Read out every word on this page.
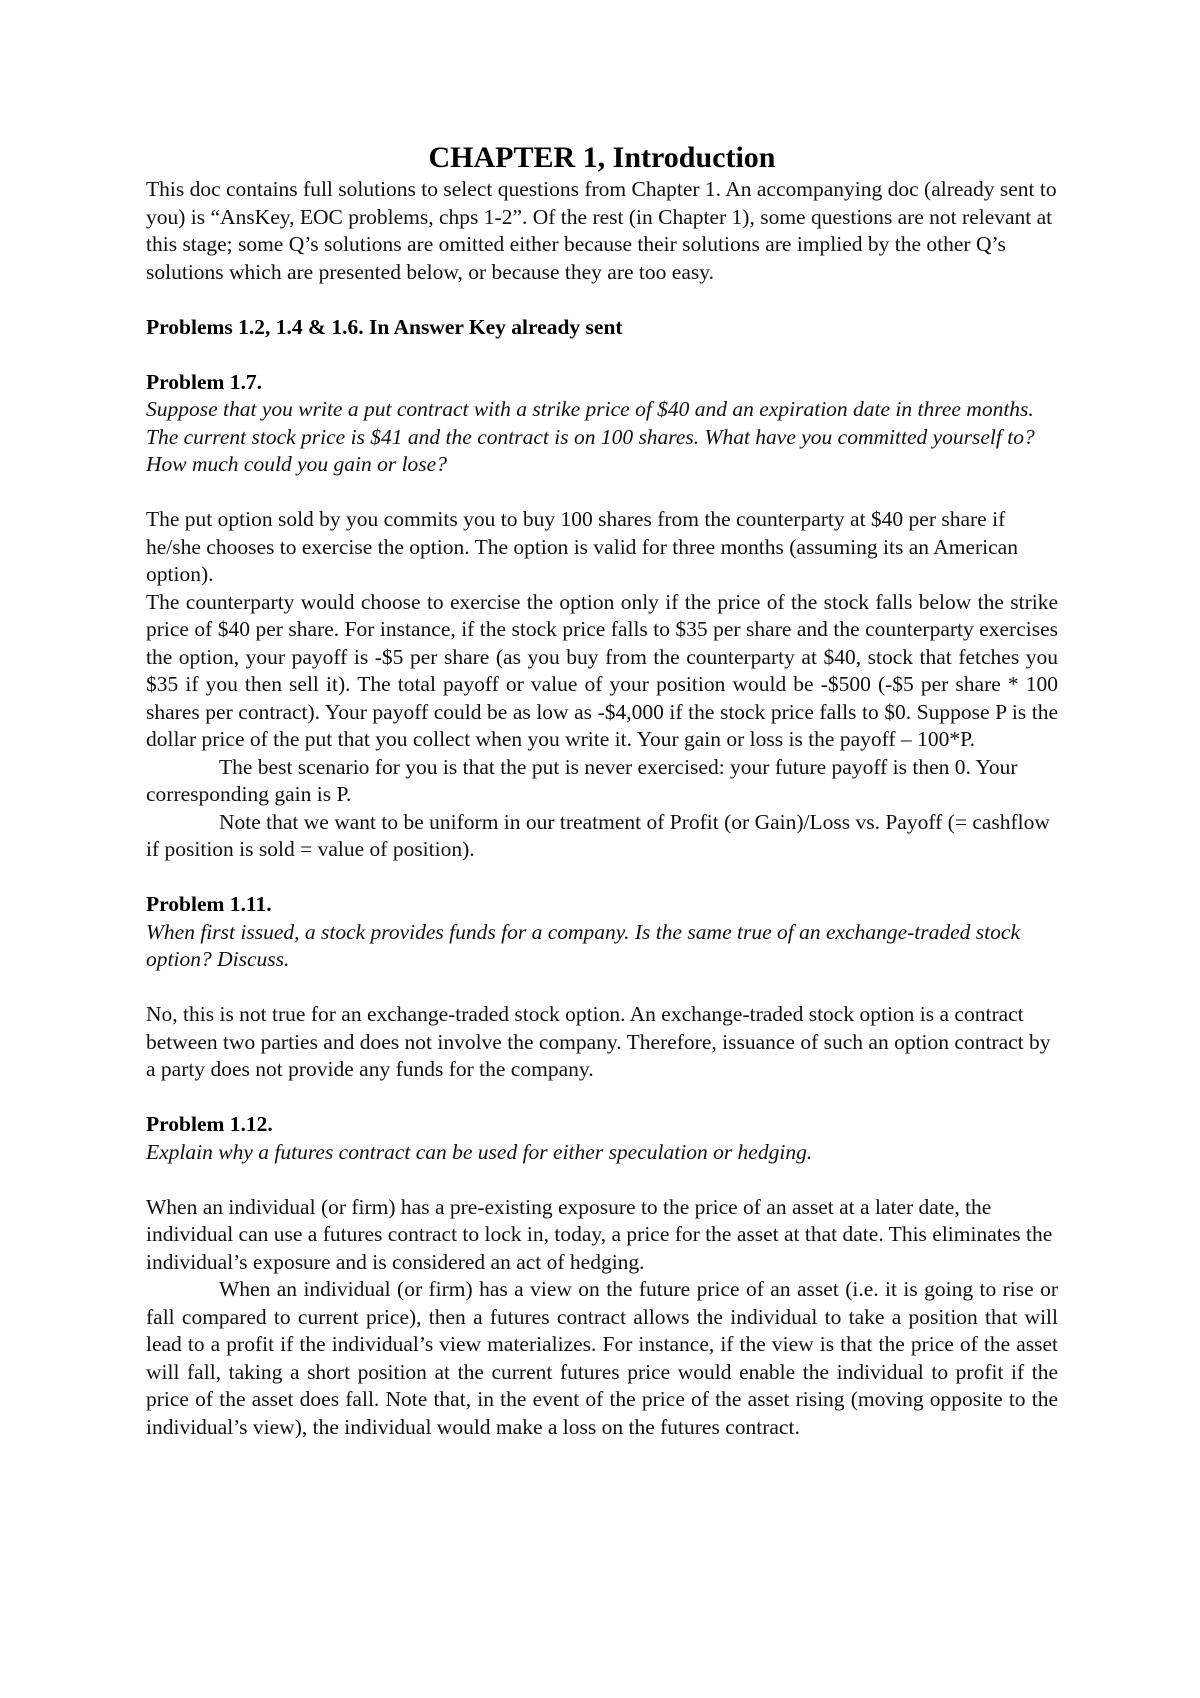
CHAPTER 1, Introduction

This doc contains full solutions to select questions from Chapter 1. An accompanying doc (already sent to you) is “AnsKey, EOC problems, chps 1-2”. Of the rest (in Chapter 1), some questions are not relevant at this stage; some Q’s solutions are omitted either because their solutions are implied by the other Q’s solutions which are presented below, or because they are too easy.

Problems 1.2, 1.4 & 1.6. In Answer Key already sent

Problem 1.7.

Suppose that you write a put contract with a strike price of $40 and an expiration date in three months. The current stock price is $41 and the contract is on 100 shares. What have you committed yourself to? How much could you gain or lose?

The put option sold by you commits you to buy 100 shares from the counterparty at $40 per share if he/she chooses to exercise the option. The option is valid for three months (assuming its an American option).

The counterparty would choose to exercise the option only if the price of the stock falls below the strike price of $40 per share. For instance, if the stock price falls to $35 per share and the counterparty exercises the option, your payoff is -$5 per share (as you buy from the counterparty at $40, stock that fetches you $35 if you then sell it). The total payoff or value of your position would be -$500 (-$5 per share * 100 shares per contract). Your payoff could be as low as -$4,000 if the stock price falls to $0. Suppose P is the dollar price of the put that you collect when you write it. Your gain or loss is the payoff – 100*P.

The best scenario for you is that the put is never exercised: your future payoff is then 0. Your corresponding gain is P.

Note that we want to be uniform in our treatment of Profit (or Gain)/Loss vs. Payoff (= cashflow if position is sold = value of position).

Problem 1.11.

When first issued, a stock provides funds for a company. Is the same true of an exchange-traded stock option? Discuss.

No, this is not true for an exchange-traded stock option. An exchange-traded stock option is a contract between two parties and does not involve the company. Therefore, issuance of such an option contract by a party does not provide any funds for the company.

Problem 1.12.

Explain why a futures contract can be used for either speculation or hedging.

When an individual (or firm) has a pre-existing exposure to the price of an asset at a later date, the individual can use a futures contract to lock in, today, a price for the asset at that date. This eliminates the individual’s exposure and is considered an act of hedging.

When an individual (or firm) has a view on the future price of an asset (i.e. it is going to rise or fall compared to current price), then a futures contract allows the individual to take a position that will lead to a profit if the individual’s view materializes. For instance, if the view is that the price of the asset will fall, taking a short position at the current futures price would enable the individual to profit if the price of the asset does fall. Note that, in the event of the price of the asset rising (moving opposite to the individual’s view), the individual would make a loss on the futures contract.
